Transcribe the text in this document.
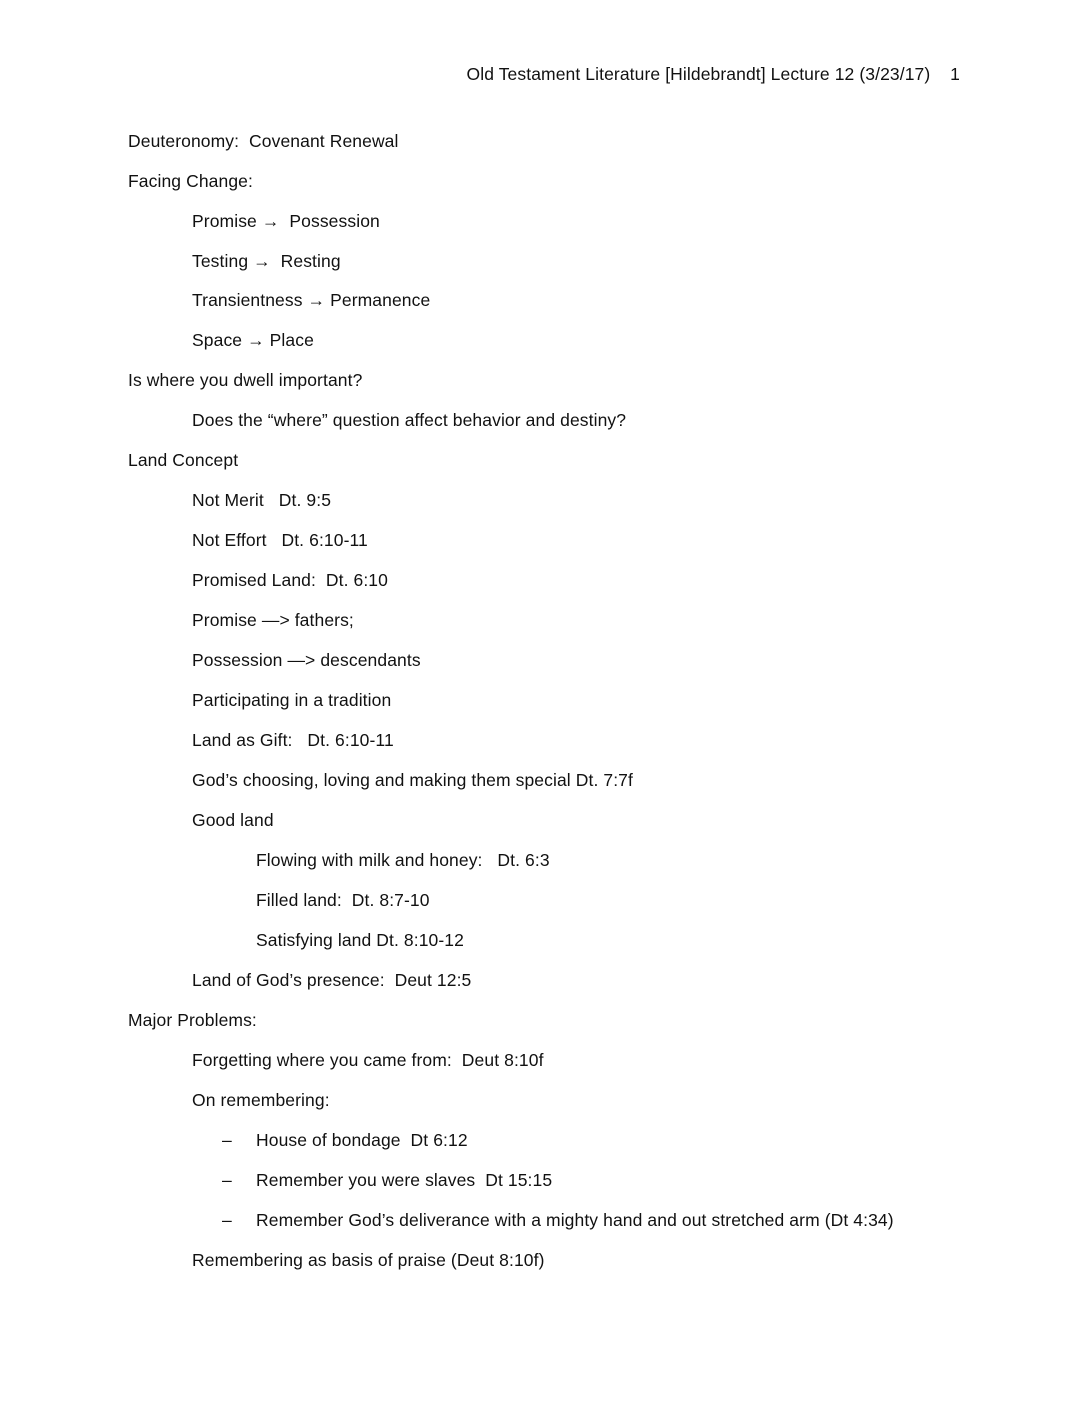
Old Testament Literature [Hildebrandt] Lecture 12 (3/23/17) 1
Deuteronomy:  Covenant Renewal
Facing Change:
Promise →  Possession
Testing →  Resting
Transientness → Permanence
Space → Place
Is where you dwell important?
Does the “where” question affect behavior and destiny?
Land Concept
Not Merit   Dt. 9:5
Not Effort   Dt. 6:10-11
Promised Land:  Dt. 6:10
Promise —> fathers;
Possession —> descendants
Participating in a tradition
Land as Gift:   Dt. 6:10-11
God’s choosing, loving and making them special Dt. 7:7f
Good land
Flowing with milk and honey:   Dt. 6:3
Filled land:  Dt. 8:7-10
Satisfying land Dt. 8:10-12
Land of God’s presence:  Deut 12:5
Major Problems:
Forgetting where you came from:  Deut 8:10f
On remembering:
– House of bondage  Dt 6:12
– Remember you were slaves  Dt 15:15
– Remember God’s deliverance with a mighty hand and out stretched arm (Dt 4:34)
Remembering as basis of praise (Deut 8:10f)
